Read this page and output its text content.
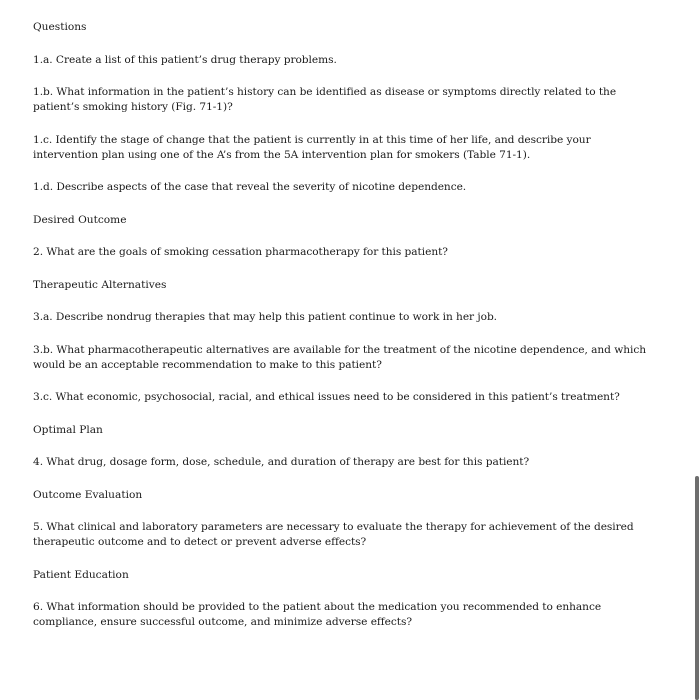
Questions

1.a. Create a list of this patient’s drug therapy problems.

1.b. What information in the patient’s history can be identified as disease or symptoms directly related to the patient’s smoking history (Fig. 71-1)?

1.c. Identify the stage of change that the patient is currently in at this time of her life, and describe your intervention plan using one of the A’s from the 5A intervention plan for smokers (Table 71-1).

1.d. Describe aspects of the case that reveal the severity of nicotine dependence.

Desired Outcome

2. What are the goals of smoking cessation pharmacotherapy for this patient?

Therapeutic Alternatives

3.a. Describe nondrug therapies that may help this patient continue to work in her job.

3.b. What pharmacotherapeutic alternatives are available for the treatment of the nicotine dependence, and which would be an acceptable recommendation to make to this patient?

3.c. What economic, psychosocial, racial, and ethical issues need to be considered in this patient’s treatment?

Optimal Plan

4. What drug, dosage form, dose, schedule, and duration of therapy are best for this patient?

Outcome Evaluation

5. What clinical and laboratory parameters are necessary to evaluate the therapy for achievement of the desired therapeutic outcome and to detect or prevent adverse effects?

Patient Education

6. What information should be provided to the patient about the medication you recommended to enhance compliance, ensure successful outcome, and minimize adverse effects?
